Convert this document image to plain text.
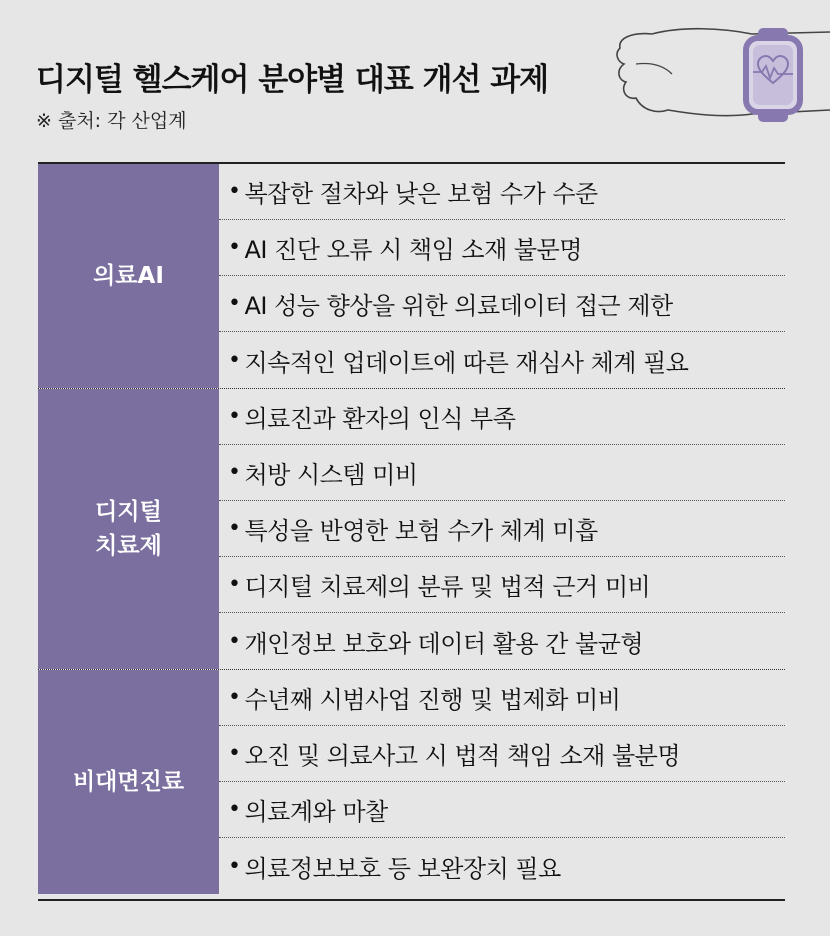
디지털 헬스케어 분야별 대표 개선 과제
※ 출처: 각 산업계
의료AI
• 복잡한 절차와 낮은 보험 수가 수준
• AI 진단 오류 시 책임 소재 불문명
• AI 성능 향상을 위한 의료데이터 접근 제한
• 지속적인 업데이트에 따른 재심사 체계 필요
디지털
치료제
• 의료진과 환자의 인식 부족
• 처방 시스템 미비
• 특성을 반영한 보험 수가 체계 미흡
• 디지털 치료제의 분류 및 법적 근거 미비
• 개인정보 보호와 데이터 활용 간 불균형
비대면진료
• 수년째 시범사업 진행 및 법제화 미비
• 오진 및 의료사고 시 법적 책임 소재 불분명
• 의료계와 마찰
• 의료정보보호 등 보완장치 필요
